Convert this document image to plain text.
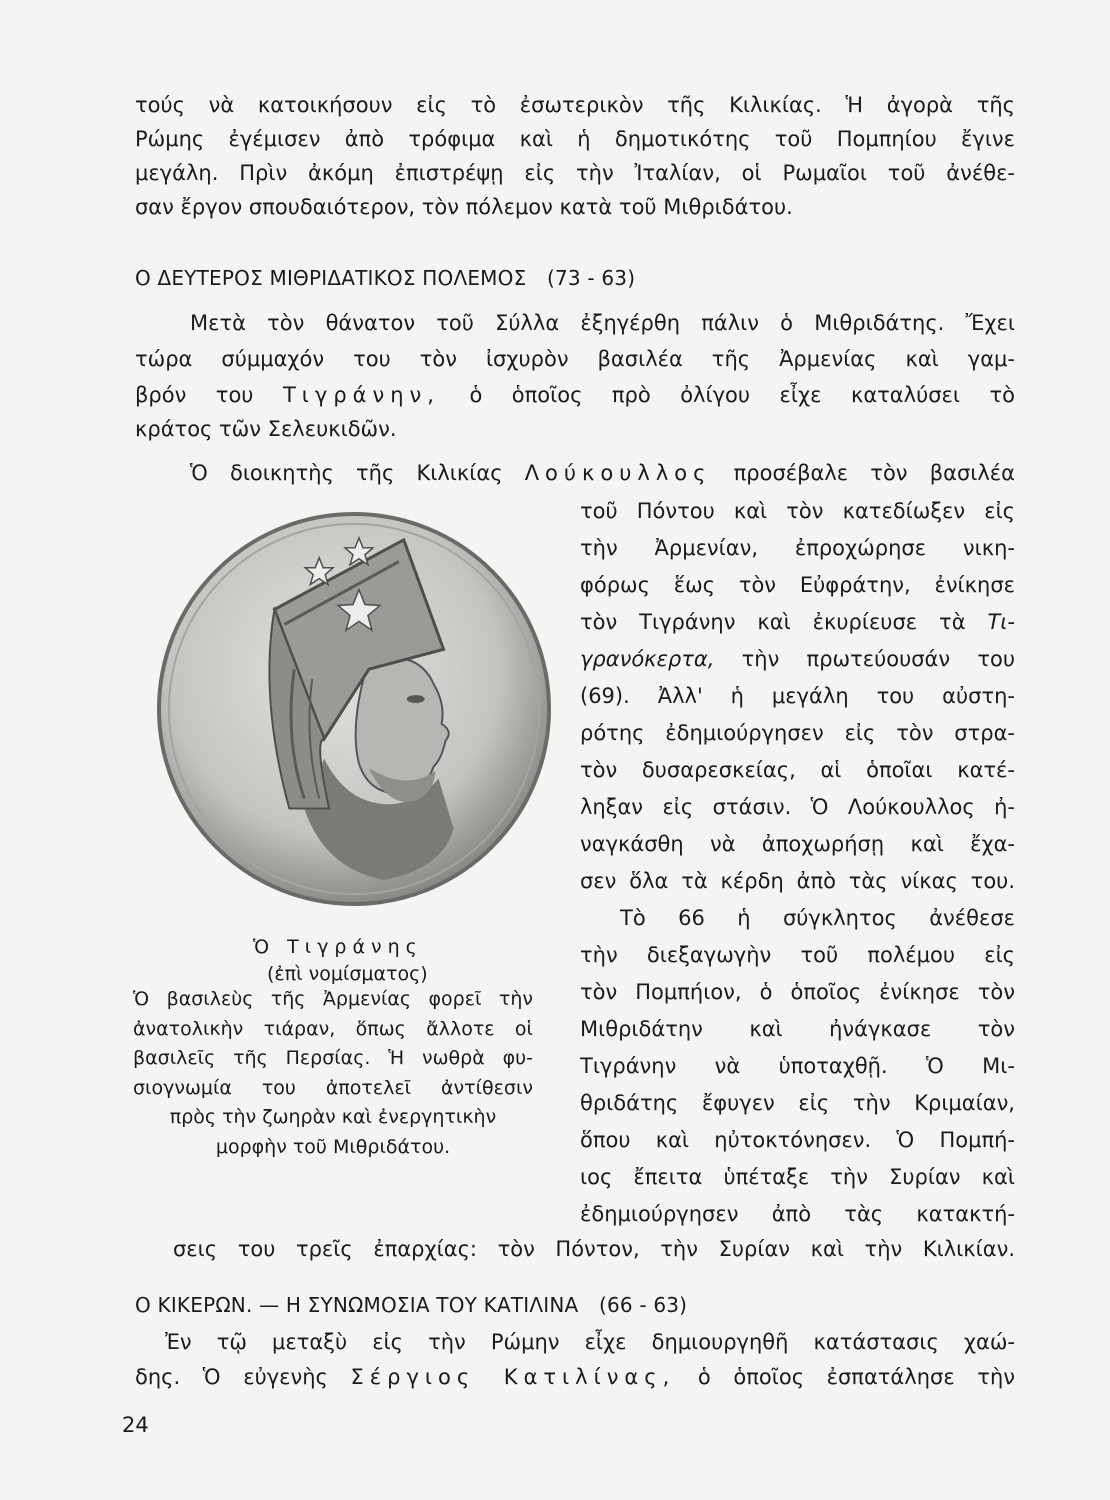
τούς νὰ κατοικήσουν εἰς τὸ ἐσωτερικὸν τῆς Κιλικίας. Ἡ ἀγορὰ τῆς
Ρώμης ἐγέμισεν ἀπὸ τρόφιμα καὶ ἡ δημοτικότης τοῦ Πομπηίου ἔγινε
μεγάλη. Πρὶν ἀκόμη ἐπιστρέψῃ εἰς τὴν Ἰταλίαν, οἱ Ρωμαῖοι τοῦ ἀνέθε-
σαν ἔργον σπουδαιότερον, τὸν πόλεμον κατὰ τοῦ Μιθριδάτου.
Ο ΔΕΥΤΕΡΟΣ ΜΙΘΡΙΔΑΤΙΚΟΣ ΠΟΛΕΜΟΣ (73 - 63)
Μετὰ τὸν θάνατον τοῦ Σύλλα ἐξηγέρθη πάλιν ὁ Μιθριδάτης. Ἔχει
τώρα σύμμαχόν του τὸν ἰσχυρὸν βασιλέα τῆς Ἀρμενίας καὶ γαμ-
βρόν του Τιγράνην, ὁ ὁποῖος πρὸ ὀλίγου εἶχε καταλύσει τὸ
κράτος τῶν Σελευκιδῶν.
Ὁ διοικητὴς τῆς Κιλικίας Λούκουλλος προσέβαλε τὸν βασιλέα
τοῦ Πόντου καὶ τὸν κατεδίωξεν εἰς
τὴν Ἀρμενίαν, ἐπροχώρησε νικη-
φόρως ἕως τὸν Εὐφράτην, ἐνίκησε
τὸν Τιγράνην καὶ ἐκυρίευσε τὰ Τι-
γρανόκερτα, τὴν πρωτεύουσάν του
(69). Ἀλλ' ἡ μεγάλη του αὐστη-
ρότης ἐδημιούργησεν εἰς τὸν στρα-
τὸν δυσαρεσκείας, αἱ ὁποῖαι κατέ-
ληξαν εἰς στάσιν. Ὁ Λούκουλλος ἠ-
ναγκάσθη νὰ ἀποχωρήσῃ καὶ ἔχα-
σεν ὅλα τὰ κέρδη ἀπὸ τὰς νίκας του.
Τὸ 66 ἡ σύγκλητος ἀνέθεσε
τὴν διεξαγωγὴν τοῦ πολέμου εἰς
τὸν Πομπήιον, ὁ ὁποῖος ἐνίκησε τὸν
Μιθριδάτην καὶ ἠνάγκασε τὸν
Τιγράνην νὰ ὑποταχθῇ. Ὁ Μι-
θριδάτης ἔφυγεν εἰς τὴν Κριμαίαν,
ὅπου καὶ ηὐτοκτόνησεν. Ὁ Πομπή-
ιος ἔπειτα ὑπέταξε τὴν Συρίαν καὶ
ἐδημιούργησεν ἀπὸ τὰς κατακτή-
σεις του τρεῖς ἐπαρχίας: τὸν Πόντον, τὴν Συρίαν καὶ τὴν Κιλικίαν.
Ὁ Τιγράνης
(ἐπὶ νομίσματος)
Ὁ βασιλεὺς τῆς Ἀρμενίας φορεῖ τὴν
ἀνατολικὴν τιάραν, ὅπως ἄλλοτε οἱ
βασιλεῖς τῆς Περσίας. Ἡ νωθρὰ φυ-
σιογνωμία του ἀποτελεῖ ἀντίθεσιν
πρὸς τὴν ζωηρὰν καὶ ἐνεργητικὴν
μορφὴν τοῦ Μιθριδάτου.
Ο ΚΙΚΕΡΩΝ. — Η ΣΥΝΩΜΟΣΙΑ ΤΟΥ ΚΑΤΙΛΙΝΑ (66 - 63)
Ἐν τῷ μεταξὺ εἰς τὴν Ρώμην εἶχε δημιουργηθῆ κατάστασις χαώ-
δης. Ὁ εὐγενὴς Σέργιος Κατιλίνας, ὁ ὁποῖος ἐσπατάλησε τὴν
24
